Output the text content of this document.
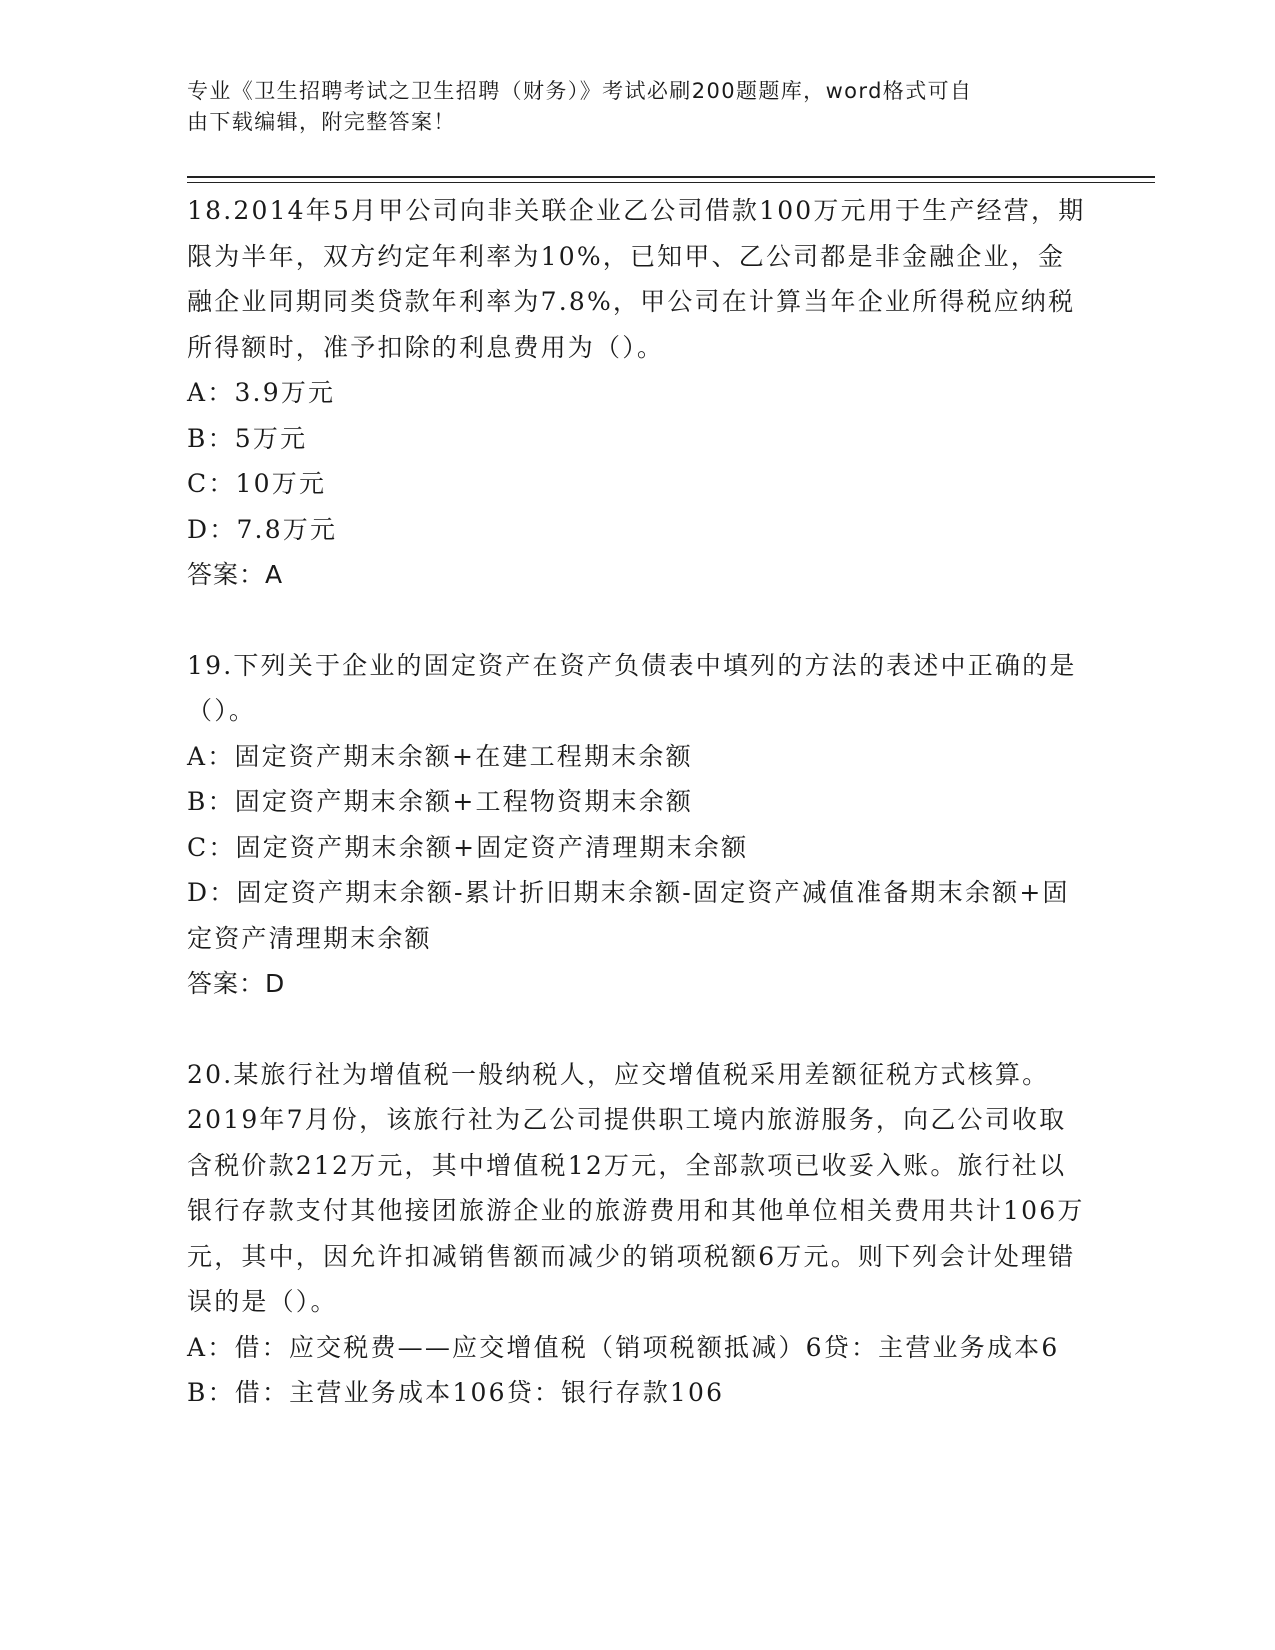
专业《卫生招聘考试之卫生招聘（财务）》考试必刷200题题库，word格式可自
由下载编辑，附完整答案！

18.2014年5月甲公司向非关联企业乙公司借款100万元用于生产经营，期限为半年，双方约定年利率为10%，已知甲、乙公司都是非金融企业，金融企业同期同类贷款年利率为7.8%，甲公司在计算当年企业所得税应纳税所得额时，准予扣除的利息费用为（）。

A：3.9万元

B：5万元

C：10万元

D：7.8万元

答案：A

19.下列关于企业的固定资产在资产负债表中填列的方法的表述中正确的是（）。

A：固定资产期末余额+在建工程期末余额

B：固定资产期末余额+工程物资期末余额

C：固定资产期末余额+固定资产清理期末余额

D：固定资产期末余额-累计折旧期末余额-固定资产减值准备期末余额+固定资产清理期末余额

答案：D

20.某旅行社为增值税一般纳税人，应交增值税采用差额征税方式核算。2019年7月份，该旅行社为乙公司提供职工境内旅游服务，向乙公司收取含税价款212万元，其中增值税12万元，全部款项已收妥入账。旅行社以银行存款支付其他接团旅游企业的旅游费用和其他单位相关费用共计106万元，其中，因允许扣减销售额而减少的销项税额6万元。则下列会计处理错误的是（）。

A：借：应交税费——应交增值税（销项税额抵减）6贷：主营业务成本6

B：借：主营业务成本106贷：银行存款106
